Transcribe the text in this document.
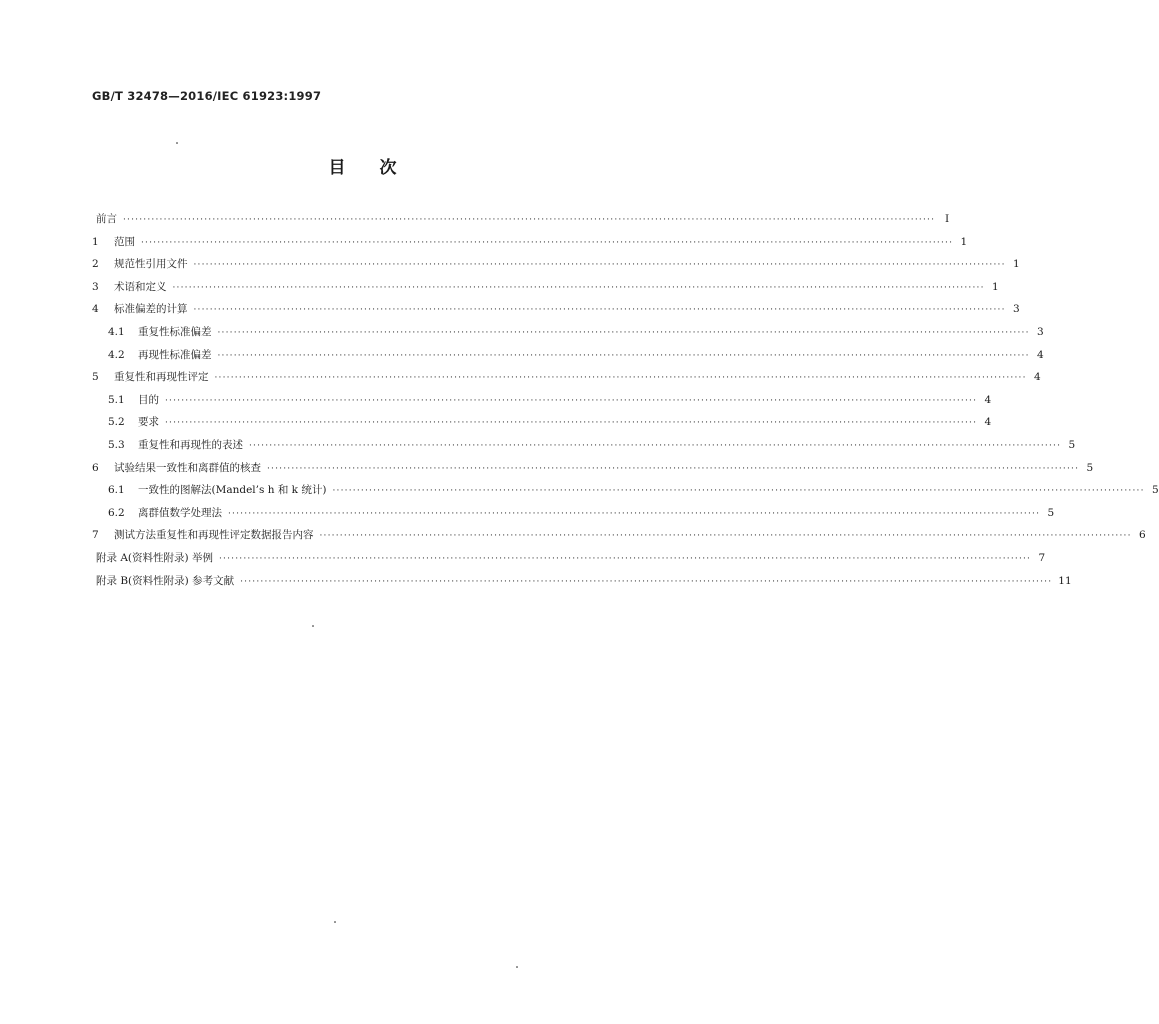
GB/T 32478—2016/IEC 61923:1997
目 次
前言 ········································································································································································································ Ⅰ
1	范围 ········································································································································································································ 1
2	规范性引用文件 ········································································································································································································ 1
3	术语和定义 ········································································································································································································ 1
4	标准偏差的计算 ········································································································································································································ 3
4.1	重复性标准偏差 ········································································································································································································ 3
4.2	再现性标准偏差 ········································································································································································································ 4
5	重复性和再现性评定 ········································································································································································································ 4
5.1	目的 ········································································································································································································ 4
5.2	要求 ········································································································································································································ 4
5.3	重复性和再现性的表述 ········································································································································································································ 5
6	试验结果一致性和离群值的核查 ········································································································································································································ 5
6.1	一致性的图解法(Mandel’s h 和 k 统计) ········································································································································································································ 5
6.2	离群值数学处理法 ········································································································································································································ 5
7	测试方法重复性和再现性评定数据报告内容 ········································································································································································································ 6
附录 A(资料性附录) 举例 ········································································································································································································ 7
附录 B(资料性附录) 参考文献 ········································································································································································································ 11
